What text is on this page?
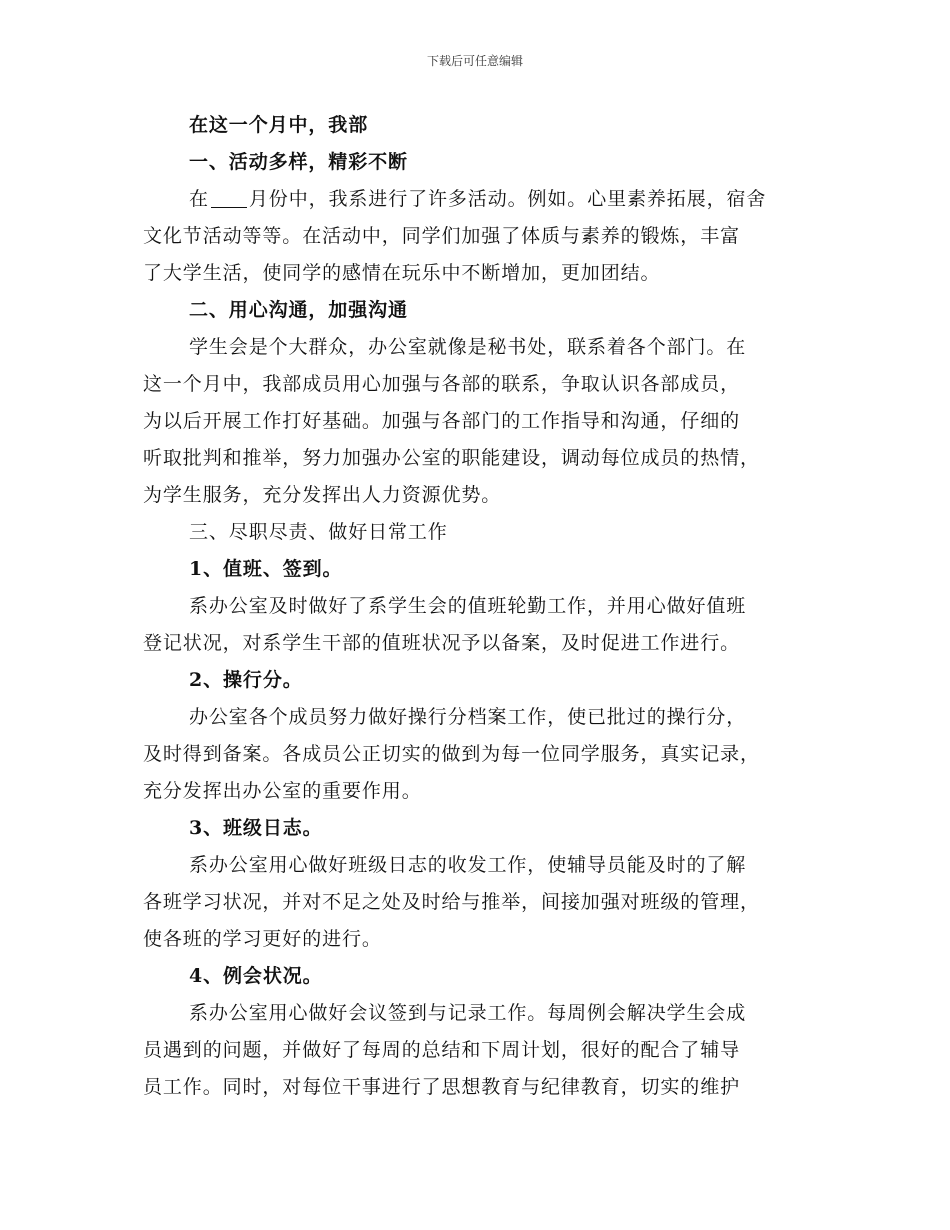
下载后可任意编辑
在这一个月中，我部
一、活动多样，精彩不断
在 月份中，我系进行了许多活动。例如。心里素养拓展，宿舍
文化节活动等等。在活动中，同学们加强了体质与素养的锻炼，丰富
了大学生活，使同学的感情在玩乐中不断增加，更加团结。
二、用心沟通，加强沟通
学生会是个大群众，办公室就像是秘书处，联系着各个部门。在
这一个月中，我部成员用心加强与各部的联系，争取认识各部成员，
为以后开展工作打好基础。加强与各部门的工作指导和沟通，仔细的
听取批判和推举，努力加强办公室的职能建设，调动每位成员的热情，
为学生服务，充分发挥出人力资源优势。
三、尽职尽责、做好日常工作
1、值班、签到。
系办公室及时做好了系学生会的值班轮勤工作，并用心做好值班
登记状况，对系学生干部的值班状况予以备案，及时促进工作进行。
2、操行分。
办公室各个成员努力做好操行分档案工作，使已批过的操行分，
及时得到备案。各成员公正切实的做到为每一位同学服务，真实记录，
充分发挥出办公室的重要作用。
3、班级日志。
系办公室用心做好班级日志的收发工作，使辅导员能及时的了解
各班学习状况，并对不足之处及时给与推举，间接加强对班级的管理，
使各班的学习更好的进行。
4、例会状况。
系办公室用心做好会议签到与记录工作。每周例会解决学生会成
员遇到的问题，并做好了每周的总结和下周计划，很好的配合了辅导
员工作。同时，对每位干事进行了思想教育与纪律教育，切实的维护
